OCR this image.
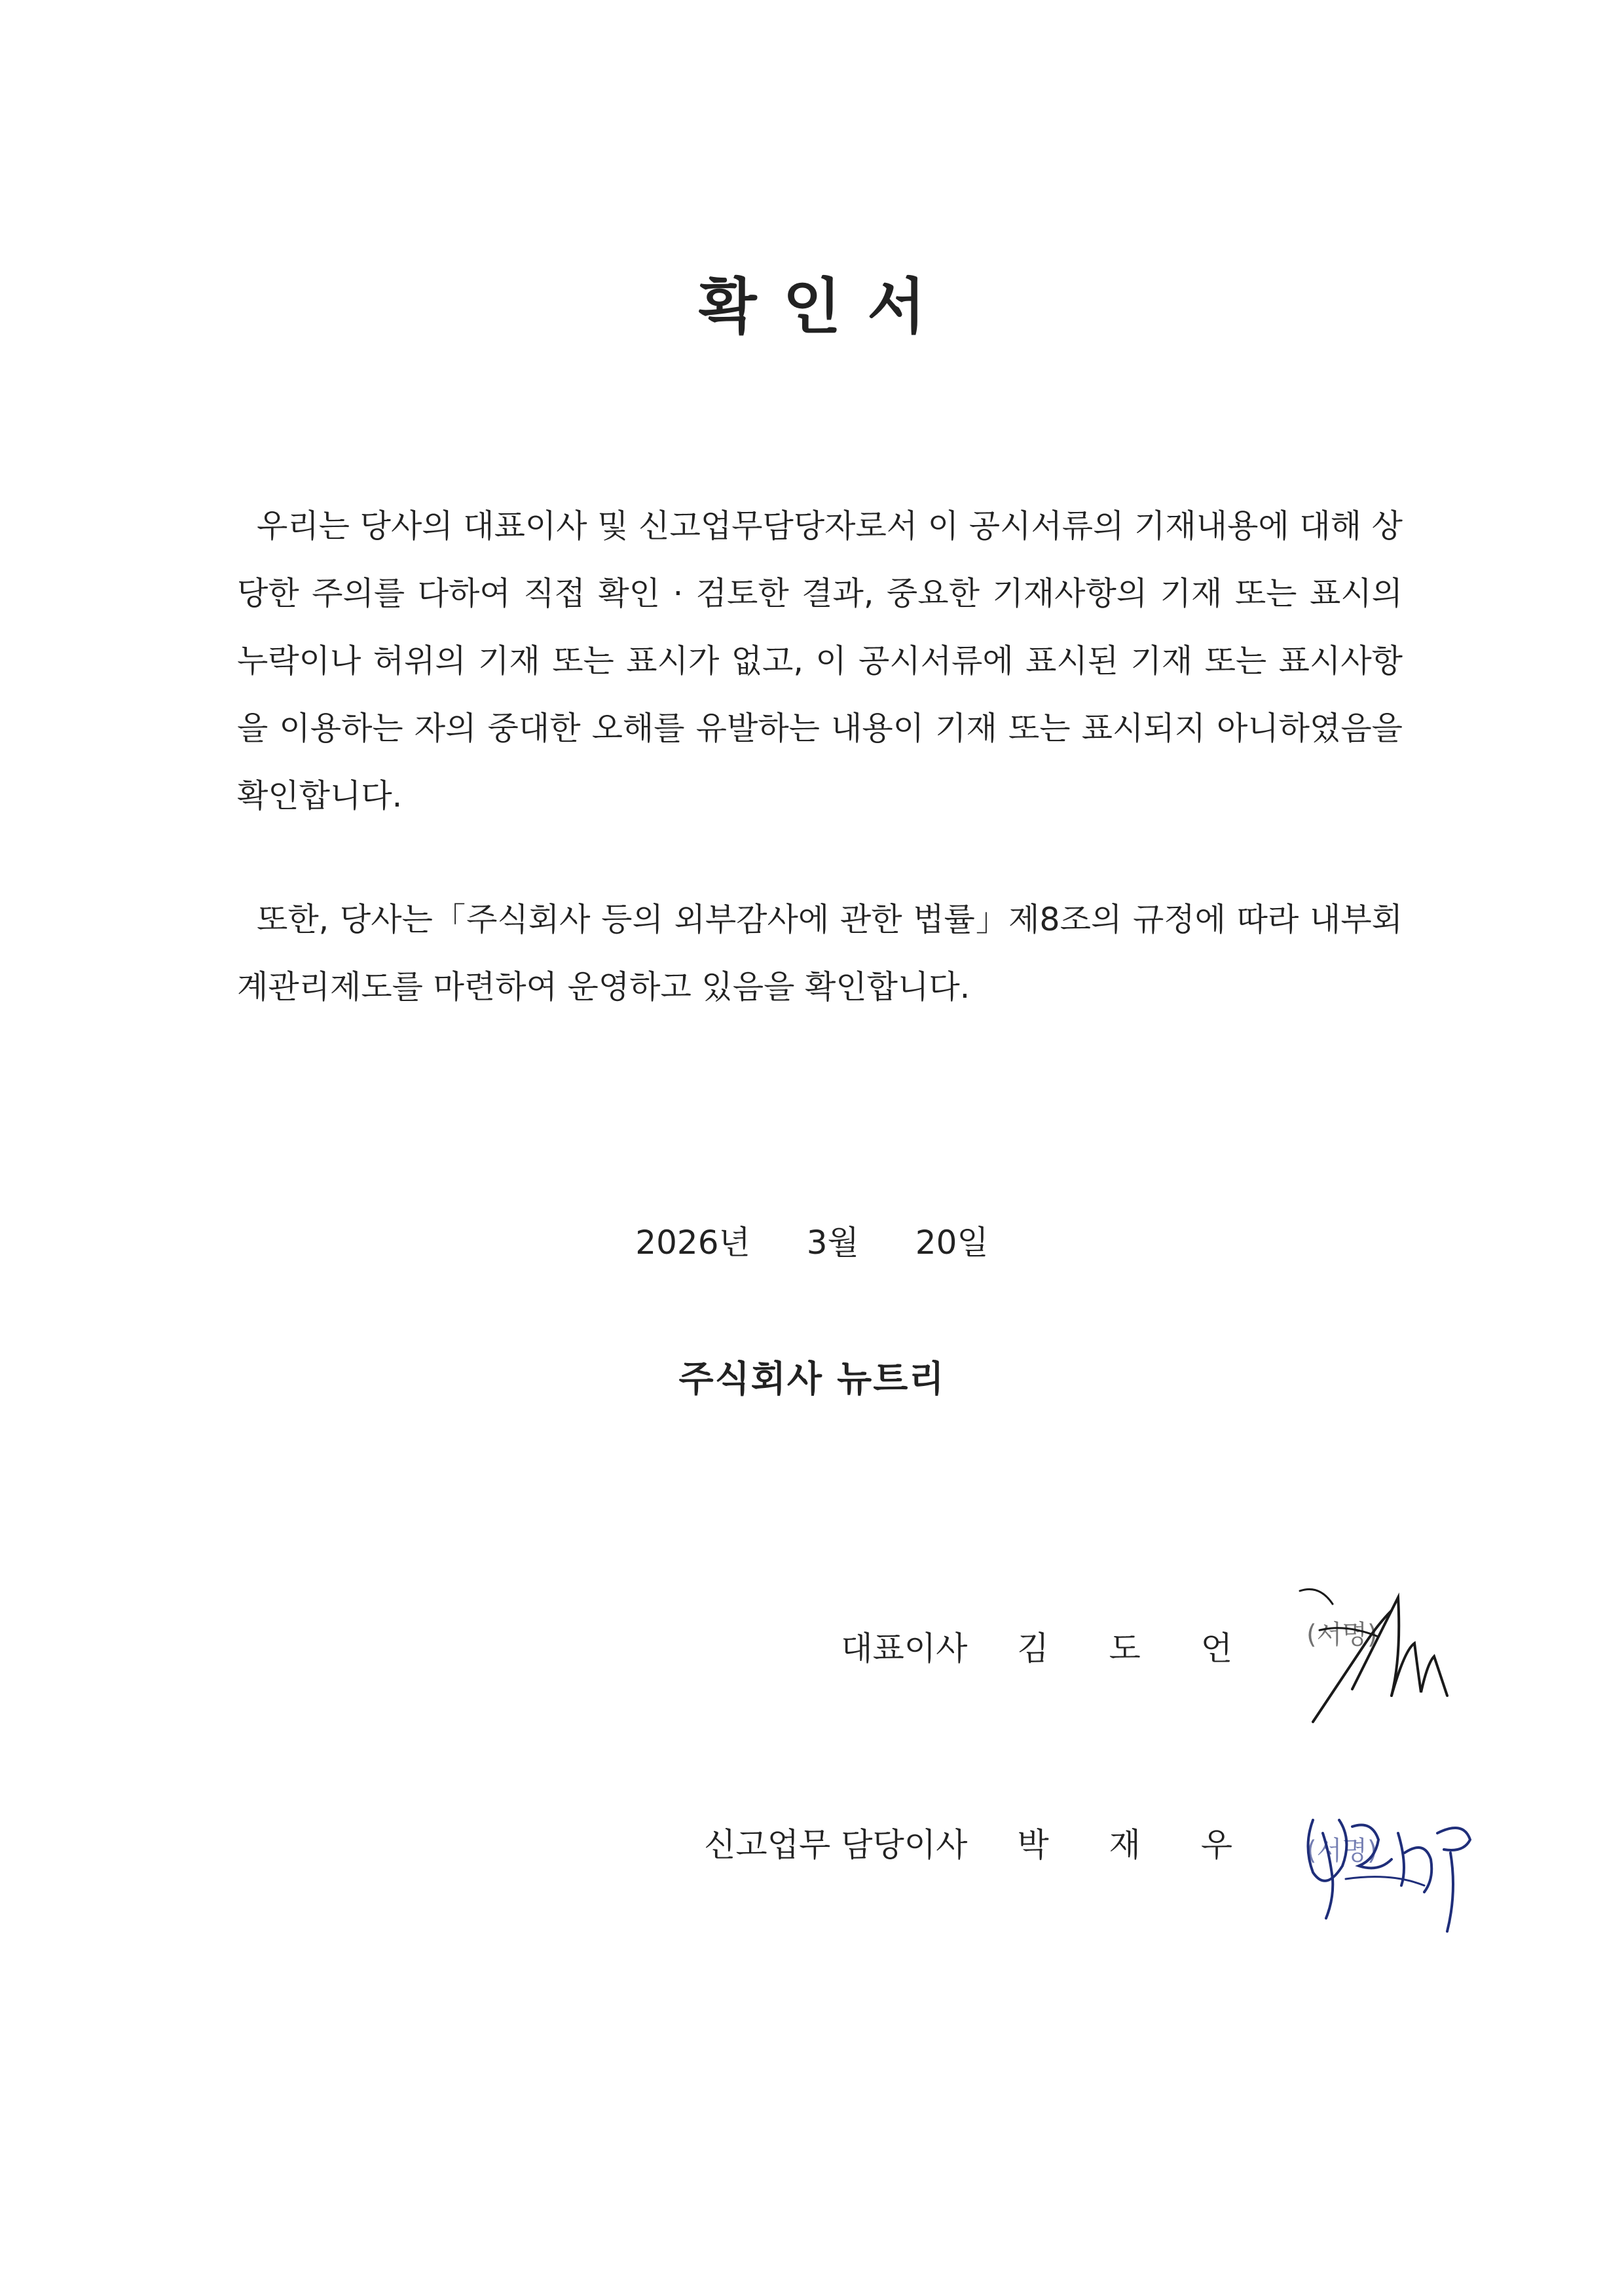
확인서

우리는 당사의 대표이사 및 신고업무담당자로서 이 공시서류의 기재내용에 대해 상당한 주의를 다하여 직접 확인 · 검토한 결과, 중요한 기재사항의 기재 또는 표시의 누락이나 허위의 기재 또는 표시가 없고, 이 공시서류에 표시된 기재 또는 표시사항을 이용하는 자의 중대한 오해를 유발하는 내용이 기재 또는 표시되지 아니하였음을 확인합니다.

또한, 당사는「주식회사 등의 외부감사에 관한 법률」제8조의 규정에 따라 내부회계관리제도를 마련하여 운영하고 있음을 확인합니다.

2026년 3월 20일
주식회사 뉴트리
대표이사 김 도 언
신고업무 담당이사 박 재 우
(서명)
(서명)
